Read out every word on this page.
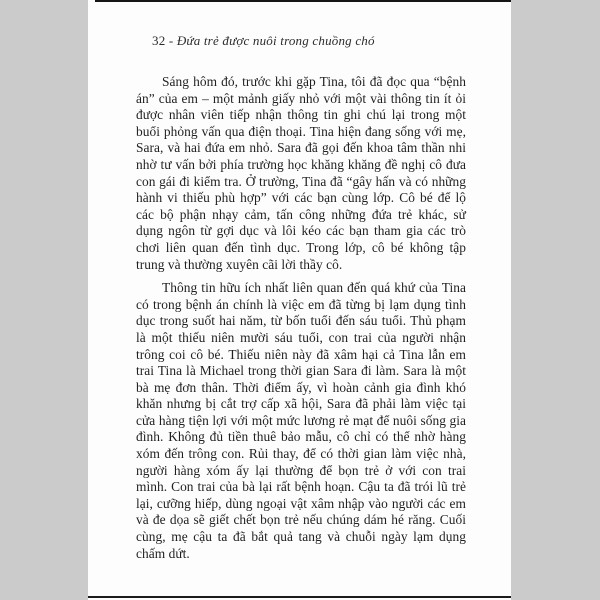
32 - Đứa trẻ được nuôi trong chuồng chó

Sáng hôm đó, trước khi gặp Tina, tôi đã đọc qua “bệnh án” của em – một mảnh giấy nhỏ với một vài thông tin ít ỏi được nhân viên tiếp nhận thông tin ghi chú lại trong một buổi phỏng vấn qua điện thoại. Tina hiện đang sống với mẹ, Sara, và hai đứa em nhỏ. Sara đã gọi đến khoa tâm thần nhi nhờ tư vấn bởi phía trường học khăng khăng đề nghị cô đưa con gái đi kiểm tra. Ở trường, Tina đã “gây hấn và có những hành vi thiếu phù hợp” với các bạn cùng lớp. Cô bé để lộ các bộ phận nhạy cảm, tấn công những đứa trẻ khác, sử dụng ngôn từ gợi dục và lôi kéo các bạn tham gia các trò chơi liên quan đến tình dục. Trong lớp, cô bé không tập trung và thường xuyên cãi lời thầy cô.

Thông tin hữu ích nhất liên quan đến quá khứ của Tina có trong bệnh án chính là việc em đã từng bị lạm dụng tình dục trong suốt hai năm, từ bốn tuổi đến sáu tuổi. Thủ phạm là một thiếu niên mười sáu tuổi, con trai của người nhận trông coi cô bé. Thiếu niên này đã xâm hại cả Tina lẫn em trai Tina là Michael trong thời gian Sara đi làm. Sara là một bà mẹ đơn thân. Thời điểm ấy, vì hoàn cảnh gia đình khó khăn nhưng bị cắt trợ cấp xã hội, Sara đã phải làm việc tại cửa hàng tiện lợi với một mức lương rẻ mạt để nuôi sống gia đình. Không đủ tiền thuê bảo mẫu, cô chỉ có thể nhờ hàng xóm đến trông con. Rủi thay, để có thời gian làm việc nhà, người hàng xóm ấy lại thường để bọn trẻ ở với con trai mình. Con trai của bà lại rất bệnh hoạn. Cậu ta đã trói lũ trẻ lại, cưỡng hiếp, dùng ngoại vật xâm nhập vào người các em và đe dọa sẽ giết chết bọn trẻ nếu chúng dám hé răng. Cuối cùng, mẹ cậu ta đã bắt quả tang và chuỗi ngày lạm dụng chấm dứt.
